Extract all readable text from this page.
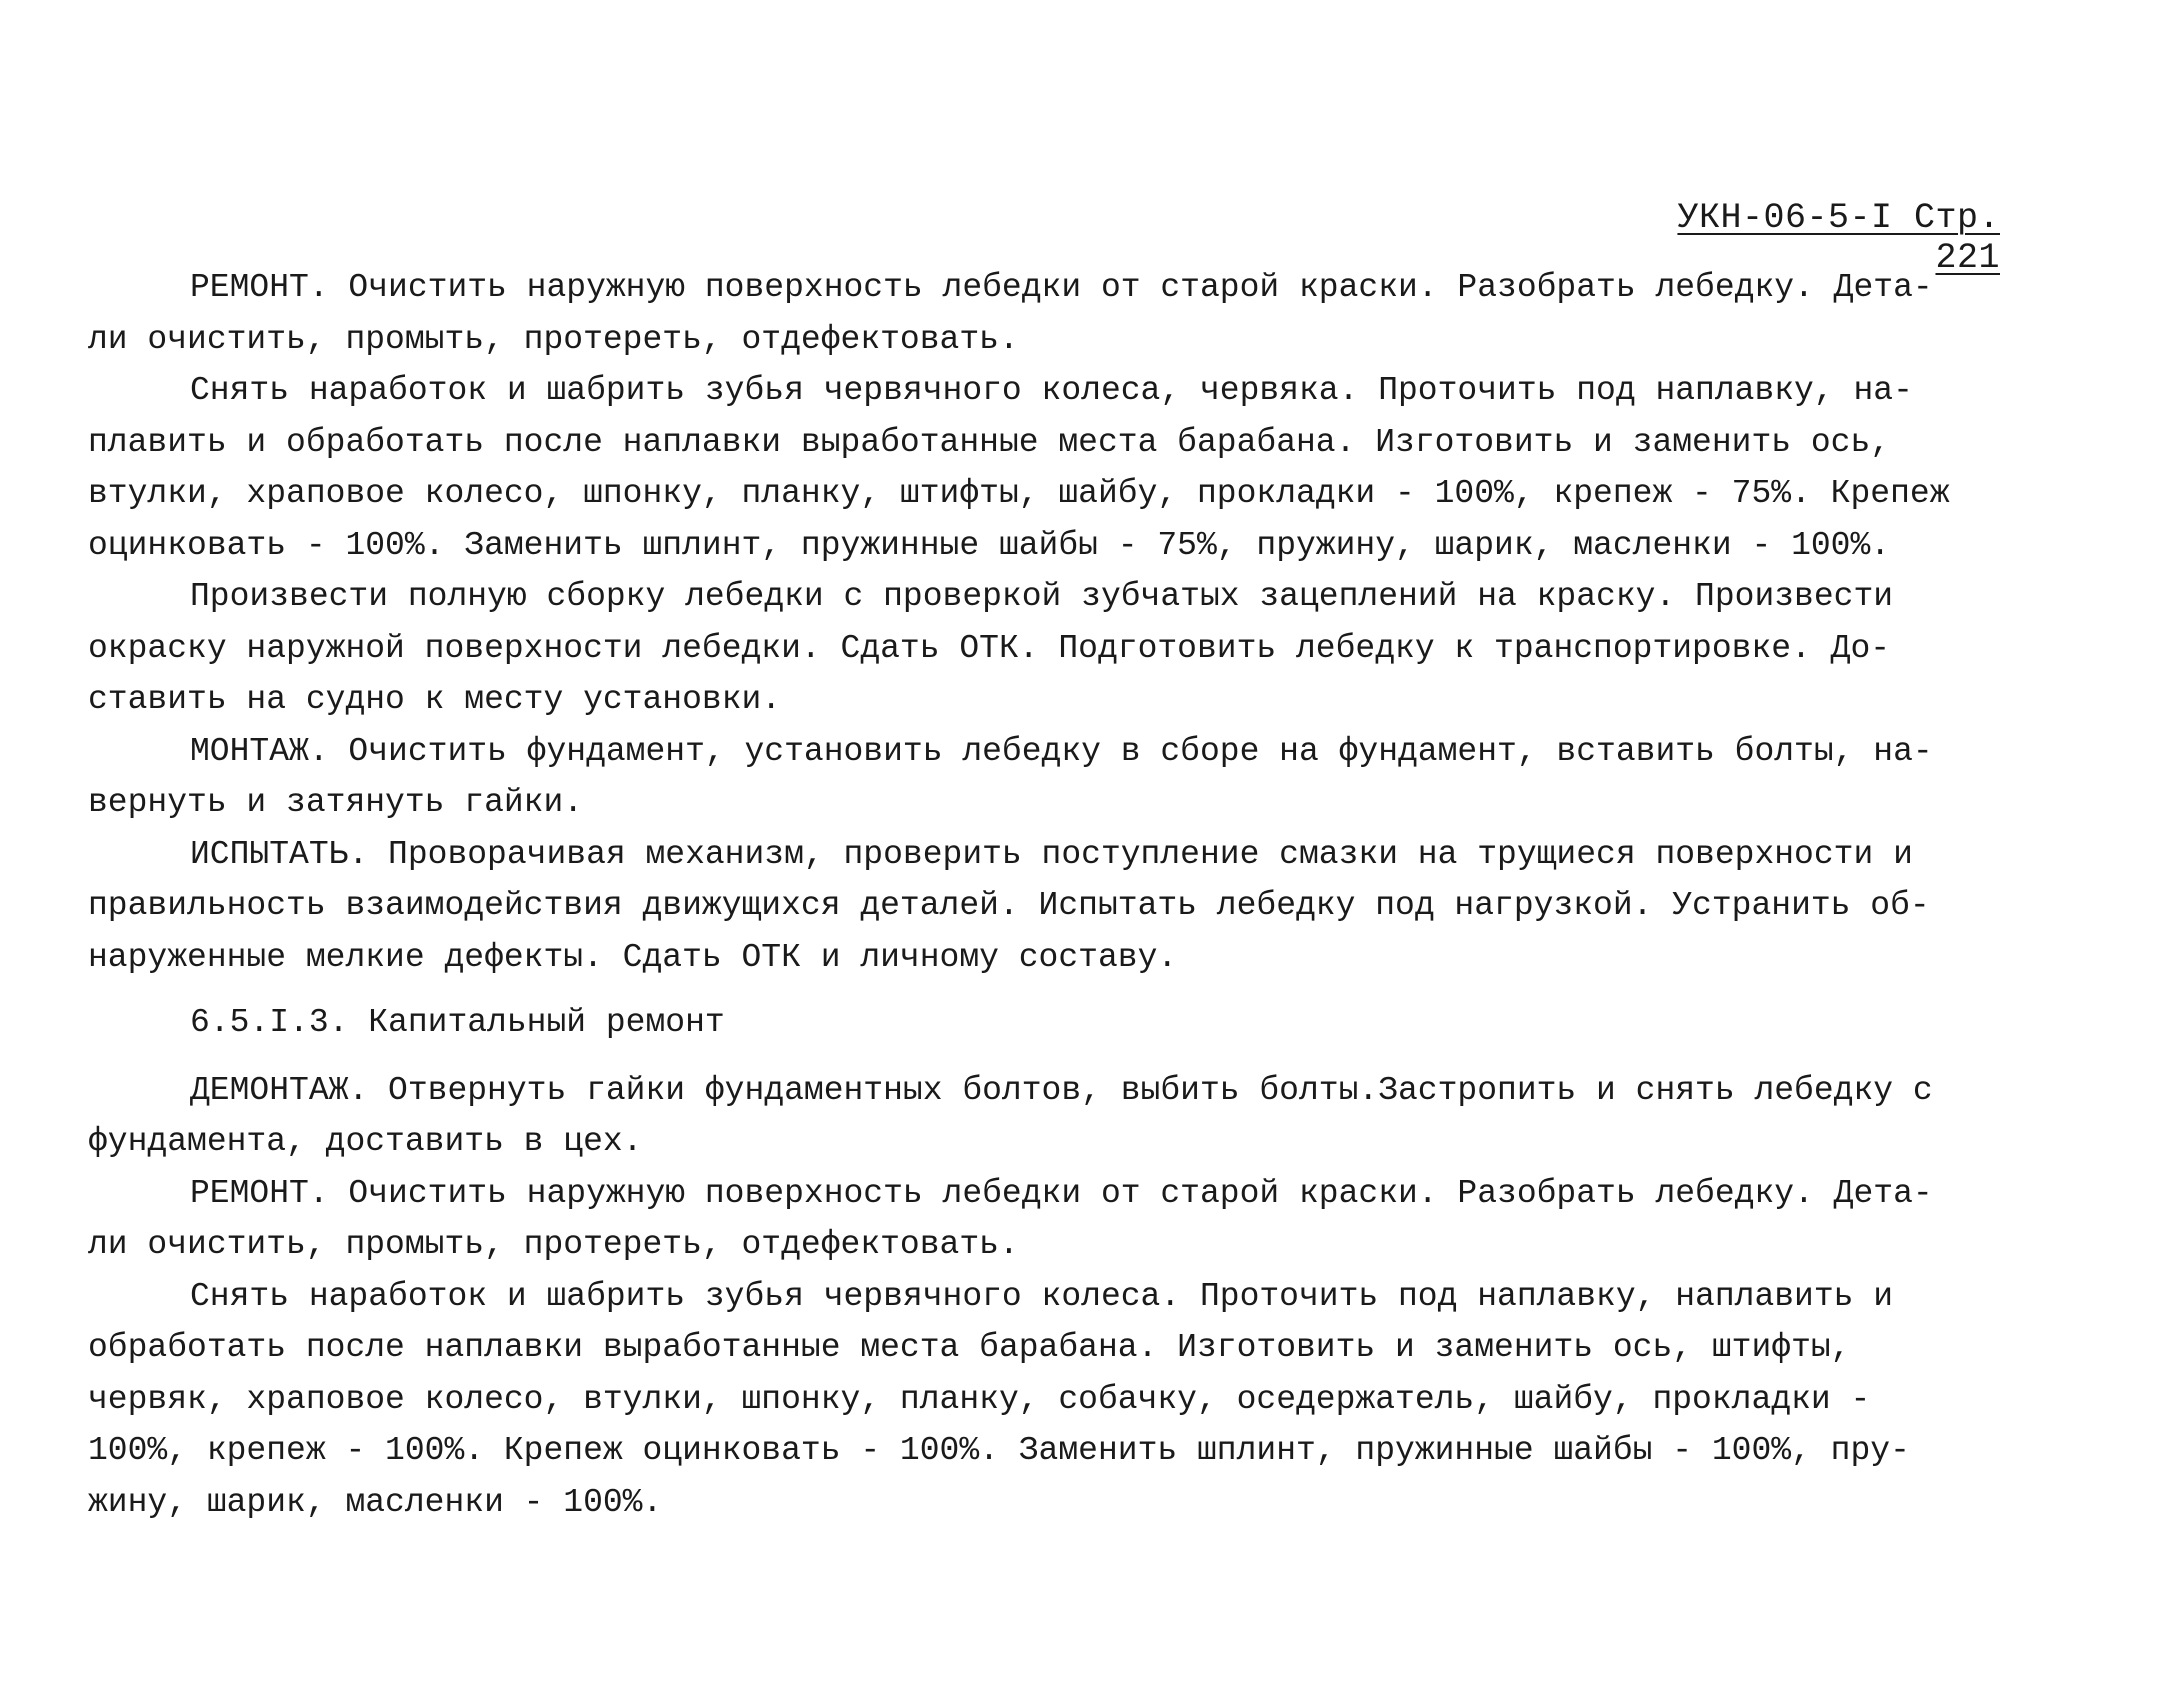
УКН-06-5-I Стр. 221
РЕМОНТ. Очистить наружную поверхность лебедки от старой краски. Разобрать лебедку. Дета-
ли очистить, промыть, протереть, отдефектовать.
Снять наработок и шабрить зубья червячного колеса, червяка. Проточить под наплавку, на-
плавить и обработать после наплавки выработанные места барабана. Изготовить и заменить ось,
втулки, храповое колесо, шпонку, планку, штифты, шайбу, прокладки - 100%, крепеж - 75%. Крепеж
оцинковать - 100%. Заменить шплинт, пружинные шайбы - 75%, пружину, шарик, масленки - 100%.
Произвести полную сборку лебедки с проверкой зубчатых зацеплений на краску. Произвести
окраску наружной поверхности лебедки. Сдать ОТК. Подготовить лебедку к транспортировке. До-
ставить на судно к месту установки.
МОНТАЖ. Очистить фундамент, установить лебедку в сборе на фундамент, вставить болты, на-
вернуть и затянуть гайки.
ИСПЫТАТЬ. Проворачивая механизм, проверить поступление смазки на трущиеся поверхности и
правильность взаимодействия движущихся деталей. Испытать лебедку под нагрузкой. Устранить об-
наруженные мелкие дефекты. Сдать ОТК и личному составу.
6.5.I.3. Капитальный ремонт
ДЕМОНТАЖ. Отвернуть гайки фундаментных болтов, выбить болты.Застропить и снять лебедку с
фундамента, доставить в цех.
РЕМОНТ. Очистить наружную поверхность лебедки от старой краски. Разобрать лебедку. Дета-
ли очистить, промыть, протереть, отдефектовать.
Снять наработок и шабрить зубья червячного колеса. Проточить под наплавку, наплавить и
обработать после наплавки выработанные места барабана. Изготовить и заменить ось, штифты,
червяк, храповое колесо, втулки, шпонку, планку, собачку, оседержатель, шайбу, прокладки -
100%, крепеж - 100%. Крепеж оцинковать - 100%. Заменить шплинт, пружинные шайбы - 100%, пру-
жину, шарик, масленки - 100%.
